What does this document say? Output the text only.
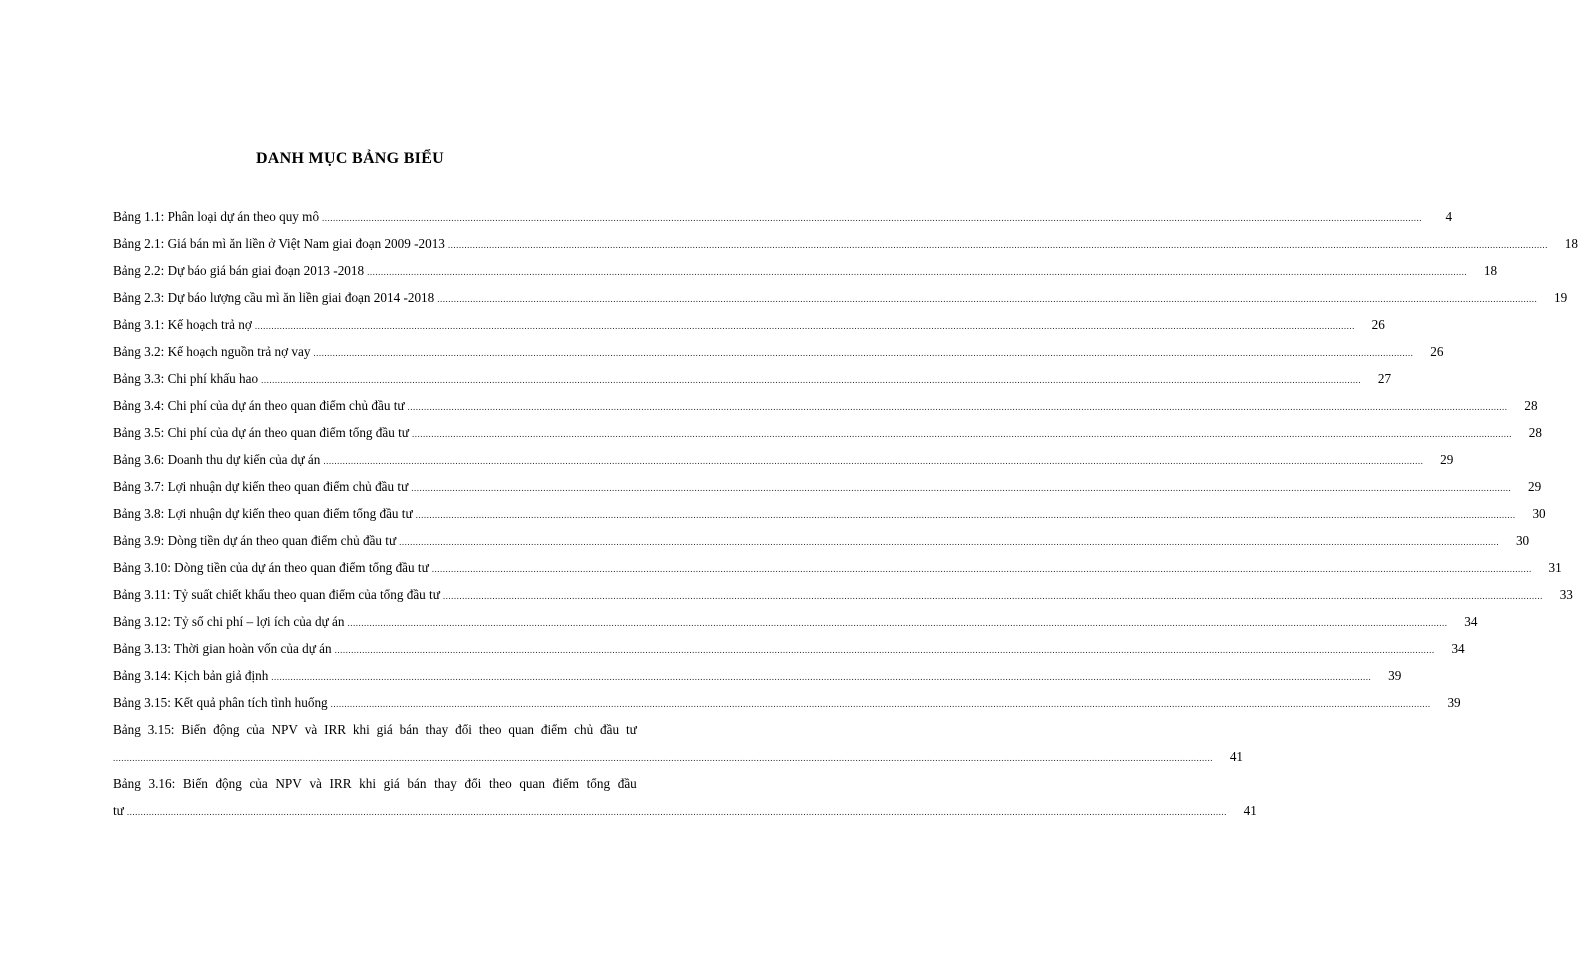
DANH MỤC BẢNG BIỂU
Bảng 1.1: Phân loại dự án theo quy mô ................................................................................................................................................................................................................................................................................................................................................................................................................	4
Bảng 2.1: Giá bán mì ăn liền ở Việt Nam giai đoạn 2009 -2013 ................................................................................................................................................................................................................................................................................................................................................................................................................	18
Bảng 2.2: Dự báo giá bán giai đoạn 2013 -2018 ................................................................................................................................................................................................................................................................................................................................................................................................................	18
Bảng 2.3: Dự báo lượng cầu mì ăn liền giai đoạn 2014 -2018 ................................................................................................................................................................................................................................................................................................................................................................................................................	19
Bảng 3.1: Kế hoạch trả nợ ................................................................................................................................................................................................................................................................................................................................................................................................................	26
Bảng 3.2: Kế hoạch nguồn trả nợ vay ................................................................................................................................................................................................................................................................................................................................................................................................................	26
Bảng 3.3: Chi phí khấu hao ................................................................................................................................................................................................................................................................................................................................................................................................................	27
Bảng 3.4: Chi phí của dự án theo quan điểm chủ đầu tư ................................................................................................................................................................................................................................................................................................................................................................................................................	28
Bảng 3.5: Chi phí của dự án theo quan điểm tổng đầu tư ................................................................................................................................................................................................................................................................................................................................................................................................................	28
Bảng 3.6: Doanh thu dự kiến của dự án ................................................................................................................................................................................................................................................................................................................................................................................................................	29
Bảng 3.7: Lợi nhuận dự kiến theo quan điểm chủ đầu tư ................................................................................................................................................................................................................................................................................................................................................................................................................	29
Bảng 3.8: Lợi nhuận dự kiến theo quan điểm tổng đầu tư ................................................................................................................................................................................................................................................................................................................................................................................................................	30
Bảng 3.9: Dòng tiền dự án theo quan điểm chủ đầu tư ................................................................................................................................................................................................................................................................................................................................................................................................................	30
Bảng 3.10: Dòng tiền của dự án theo quan điểm tổng đầu tư ................................................................................................................................................................................................................................................................................................................................................................................................................	31
Bảng 3.11: Tỷ suất chiết khấu theo quan điểm của tổng đầu tư ................................................................................................................................................................................................................................................................................................................................................................................................................	33
Bảng 3.12: Tỷ số chi phí – lợi ích của dự án ................................................................................................................................................................................................................................................................................................................................................................................................................	34
Bảng 3.13: Thời gian hoàn vốn của dự án ................................................................................................................................................................................................................................................................................................................................................................................................................	34
Bảng 3.14: Kịch bản giả định ................................................................................................................................................................................................................................................................................................................................................................................................................	39
Bảng 3.15: Kết quả phân tích tình huống ................................................................................................................................................................................................................................................................................................................................................................................................................	39
Bảng 3.15: Biến động của NPV và IRR khi giá bán thay đổi theo quan điểm chủ đầu tư
................................................................................................................................................................................................................................................................................................................................................................................................................	41
Bảng 3.16: Biến động của NPV và IRR khi giá bán thay đổi theo quan điểm tổng đầu
tư ................................................................................................................................................................................................................................................................................................................................................................................................................	41
